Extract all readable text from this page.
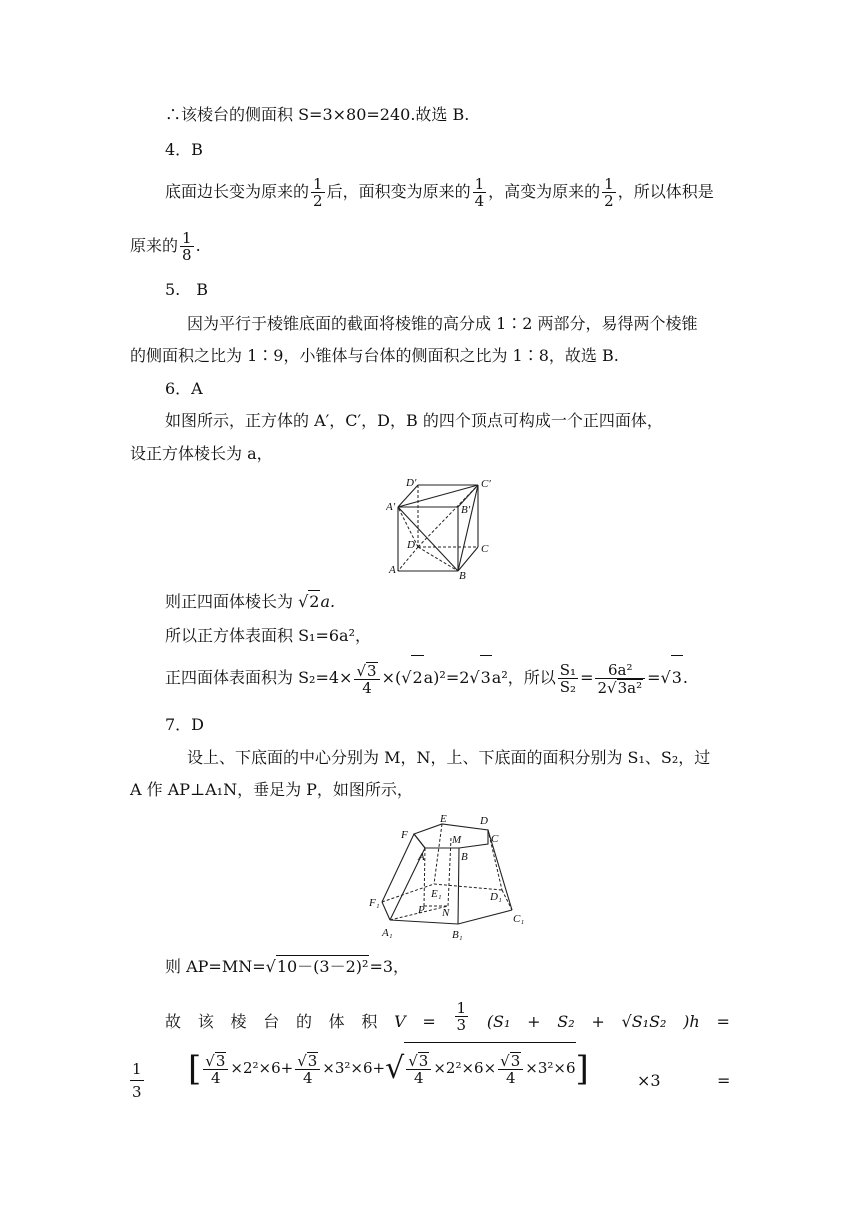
∴该棱台的侧面积 S=3×80=240.故选 B.
4．B
底面边长变为原来的 $\frac{1}{2}$ 后，面积变为原来的 $\frac{1}{4}$ ，高变为原来的 $\frac{1}{2}$ ，所以体积是
原来的 $\frac{1}{8}$ .
5.　B
因为平行于棱锥底面的截面将棱锥的高分成 1∶2 两部分，易得两个棱锥
的侧面积之比为 1∶9，小锥体与台体的侧面积之比为 1∶8，故选 B.
6．A
如图所示，正方体的 A′，C′，D，B 的四个顶点可构成一个正四面体，
设正方体棱长为 a，
D′	C′
A′	B′
D	C
A	B
则正四面体棱长为 √ 2a.
所以正方体表面积 S₁=6a²，
正四面体表面积为 S₂=4× √ $\frac{3}{4}$ ×( √ 2a)²=2 √ 3a²，所以 $\frac{\text{S₁}}{\text{S₂}} = \frac{\text{6a²}}{\text{2 √ 3a²}}$ = √ 3.
7．D
设上、下底面的中心分别为 M，N，上、下底面的面积分别为 S₁、S₂，过
A 作 AP⊥A₁N，垂足为 P，如图所示，
E	D
F	M	C
A	B
E₁	D₁
F₁
P N	C₁
A₁	B₁
则 AP=MN= √ 10－(3－2)²=3，
故 该 棱 台 的 体 积 $V = \frac{1}{3} (S_1 + S_2 + √S_1S_2$ )h =
$\frac{1}{3}$ [ √ $\frac{3}{4} \times 2^2\times 6+$ √ $\frac{3}{4} \times 3^2\times 6+√$ √ $\frac{3}{4} \times 2^2\times 6\times$ √ $\frac{3}{4} \times 3^2\times 6$]	×3	=
